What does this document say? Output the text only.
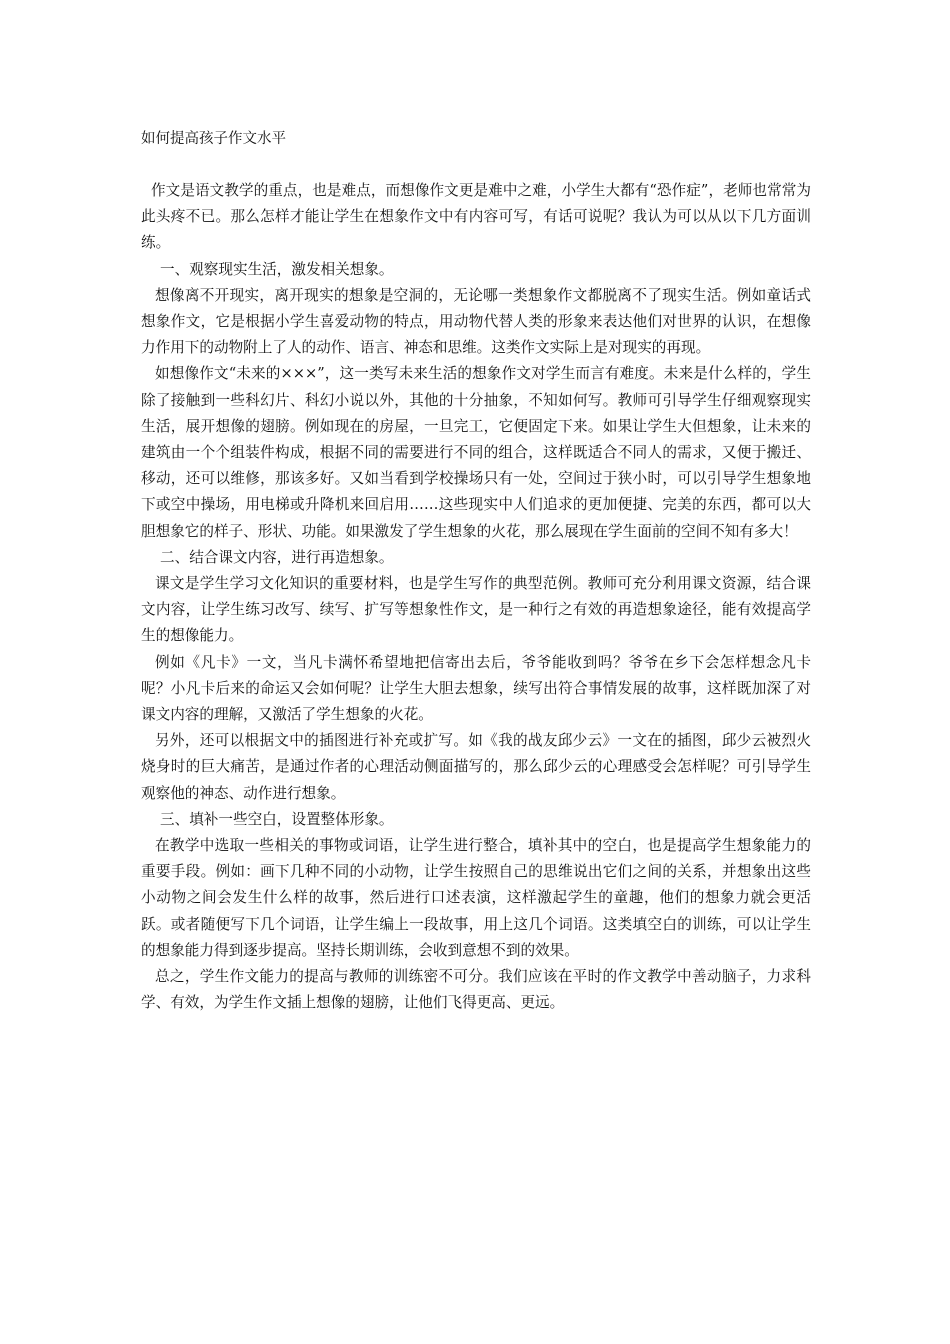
如何提高孩子作文水平

作文是语文教学的重点，也是难点，而想像作文更是难中之难，小学生大都有“恐作症”，老师也常常为此头疼不已。那么怎样才能让学生在想象作文中有内容可写，有话可说呢？我认为可以从以下几方面训练。

一、观察现实生活，激发相关想象。

想像离不开现实，离开现实的想象是空洞的，无论哪一类想象作文都脱离不了现实生活。例如童话式想象作文，它是根据小学生喜爱动物的特点，用动物代替人类的形象来表达他们对世界的认识，在想像力作用下的动物附上了人的动作、语言、神态和思维。这类作文实际上是对现实的再现。

如想像作文“未来的×××”，这一类写未来生活的想象作文对学生而言有难度。未来是什么样的，学生除了接触到一些科幻片、科幻小说以外，其他的十分抽象，不知如何写。教师可引导学生仔细观察现实生活，展开想像的翅膀。例如现在的房屋，一旦完工，它便固定下来。如果让学生大但想象，让未来的建筑由一个个组装件构成，根据不同的需要进行不同的组合，这样既适合不同人的需求，又便于搬迁、移动，还可以维修，那该多好。又如当看到学校操场只有一处，空间过于狭小时，可以引导学生想象地下或空中操场，用电梯或升降机来回启用……这些现实中人们追求的更加便捷、完美的东西，都可以大胆想象它的样子、形状、功能。如果激发了学生想象的火花，那么展现在学生面前的空间不知有多大！

二、结合课文内容，进行再造想象。

课文是学生学习文化知识的重要材料，也是学生写作的典型范例。教师可充分利用课文资源，结合课文内容，让学生练习改写、续写、扩写等想象性作文，是一种行之有效的再造想象途径，能有效提高学生的想像能力。

例如《凡卡》一文，当凡卡满怀希望地把信寄出去后，爷爷能收到吗？爷爷在乡下会怎样想念凡卡呢？小凡卡后来的命运又会如何呢？让学生大胆去想象，续写出符合事情发展的故事，这样既加深了对课文内容的理解，又激活了学生想象的火花。

另外，还可以根据文中的插图进行补充或扩写。如《我的战友邱少云》一文在的插图，邱少云被烈火烧身时的巨大痛苦，是通过作者的心理活动侧面描写的，那么邱少云的心理感受会怎样呢？可引导学生观察他的神态、动作进行想象。

三、填补一些空白，设置整体形象。

在教学中选取一些相关的事物或词语，让学生进行整合，填补其中的空白，也是提高学生想象能力的重要手段。例如：画下几种不同的小动物，让学生按照自己的思维说出它们之间的关系，并想象出这些小动物之间会发生什么样的故事，然后进行口述表演，这样激起学生的童趣，他们的想象力就会更活跃。或者随便写下几个词语，让学生编上一段故事，用上这几个词语。这类填空白的训练，可以让学生的想象能力得到逐步提高。坚持长期训练，会收到意想不到的效果。

总之，学生作文能力的提高与教师的训练密不可分。我们应该在平时的作文教学中善动脑子，力求科学、有效，为学生作文插上想像的翅膀，让他们飞得更高、更远。
